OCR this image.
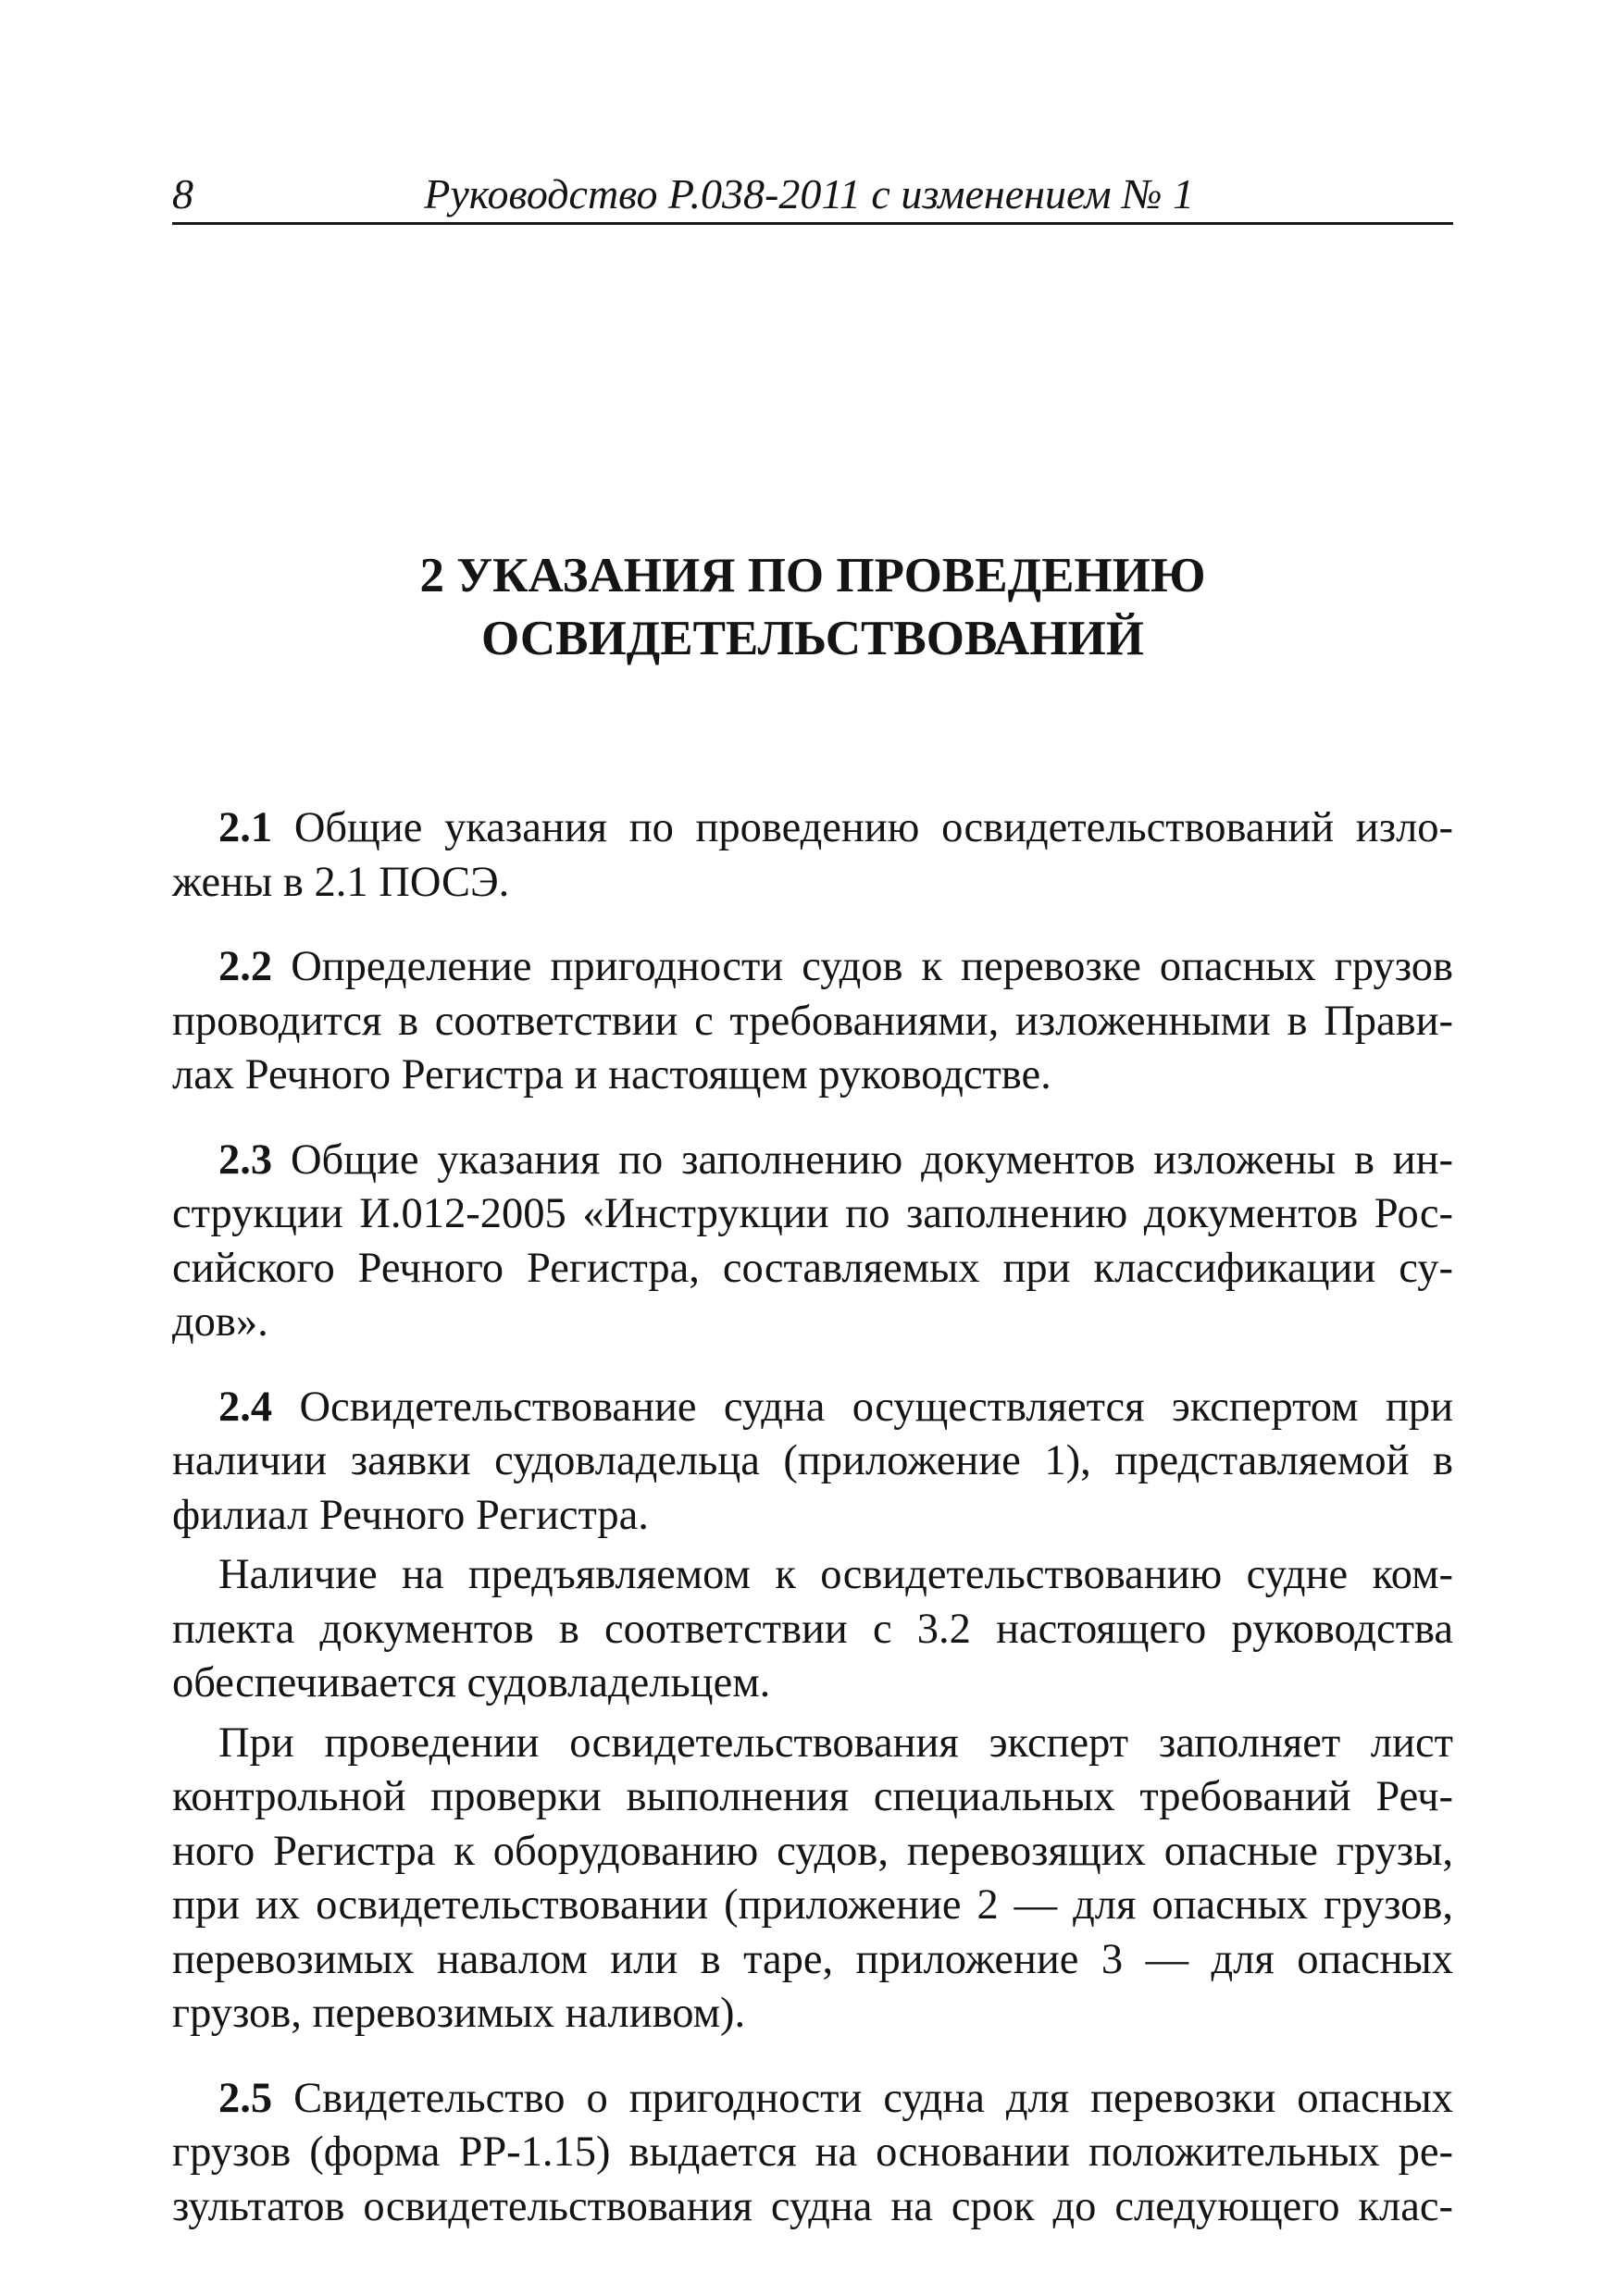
8	Руководство Р.038-2011 с изменением № 1
2 УКАЗАНИЯ ПО ПРОВЕДЕНИЮ
ОСВИДЕТЕЛЬСТВОВАНИЙ
2.1 Общие указания по проведению освидетельствований изло-
жены в 2.1 ПОСЭ.
2.2 Определение пригодности судов к перевозке опасных грузов
проводится в соответствии с требованиями, изложенными в Прави-
лах Речного Регистра и настоящем руководстве.
2.3 Общие указания по заполнению документов изложены в ин-
струкции И.012-2005 «Инструкции по заполнению документов Рос-
сийского Речного Регистра, составляемых при классификации су-
дов».
2.4 Освидетельствование судна осуществляется экспертом при
наличии заявки судовладельца (приложение 1), представляемой в
филиал Речного Регистра.
Наличие на предъявляемом к освидетельствованию судне ком-
плекта документов в соответствии с 3.2 настоящего руководства
обеспечивается судовладельцем.
При проведении освидетельствования эксперт заполняет лист
контрольной проверки выполнения специальных требований Реч-
ного Регистра к оборудованию судов, перевозящих опасные грузы,
при их освидетельствовании (приложение 2 — для опасных грузов,
перевозимых навалом или в таре, приложение 3 — для опасных
грузов, перевозимых наливом).
2.5 Свидетельство о пригодности судна для перевозки опасных
грузов (форма РР-1.15) выдается на основании положительных ре-
зультатов освидетельствования судна на срок до следующего клас-
